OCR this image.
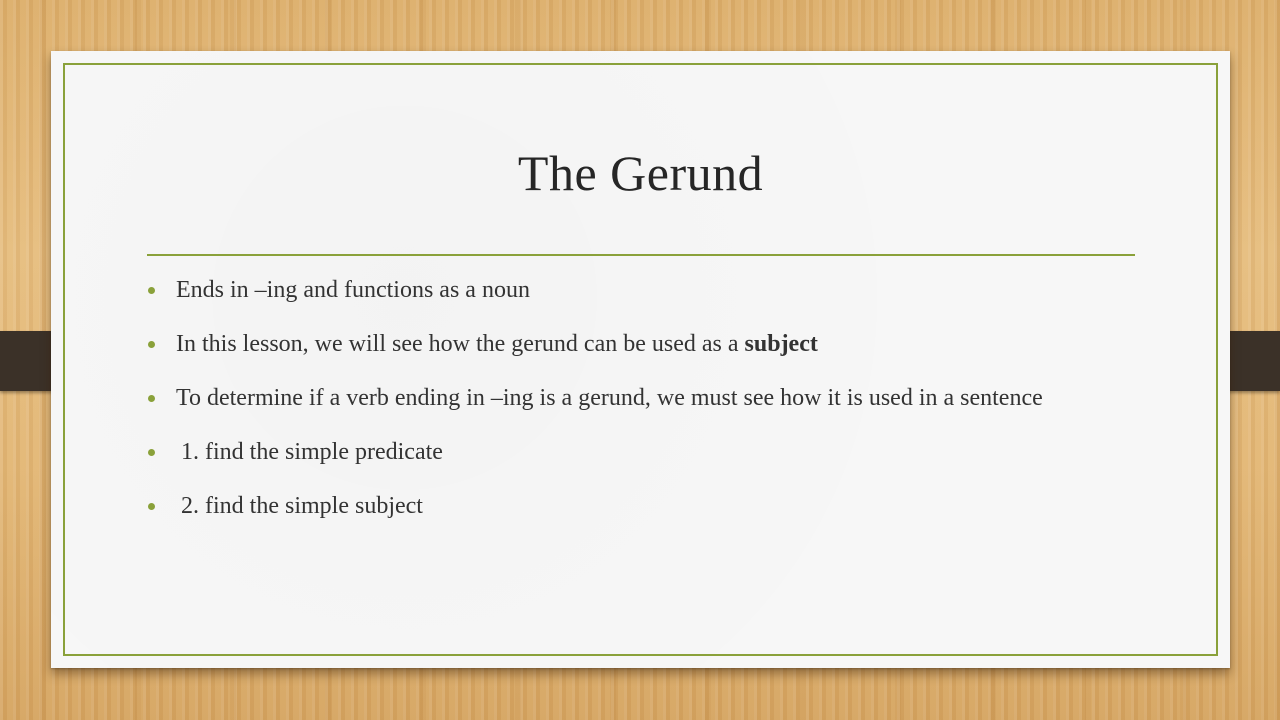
The Gerund
Ends in –ing and functions as a noun
In this lesson, we will see how the gerund can be used as a subject
To determine if a verb ending in –ing is a gerund, we must see how it is used in a sentence
1. find the simple predicate
2. find the simple subject
